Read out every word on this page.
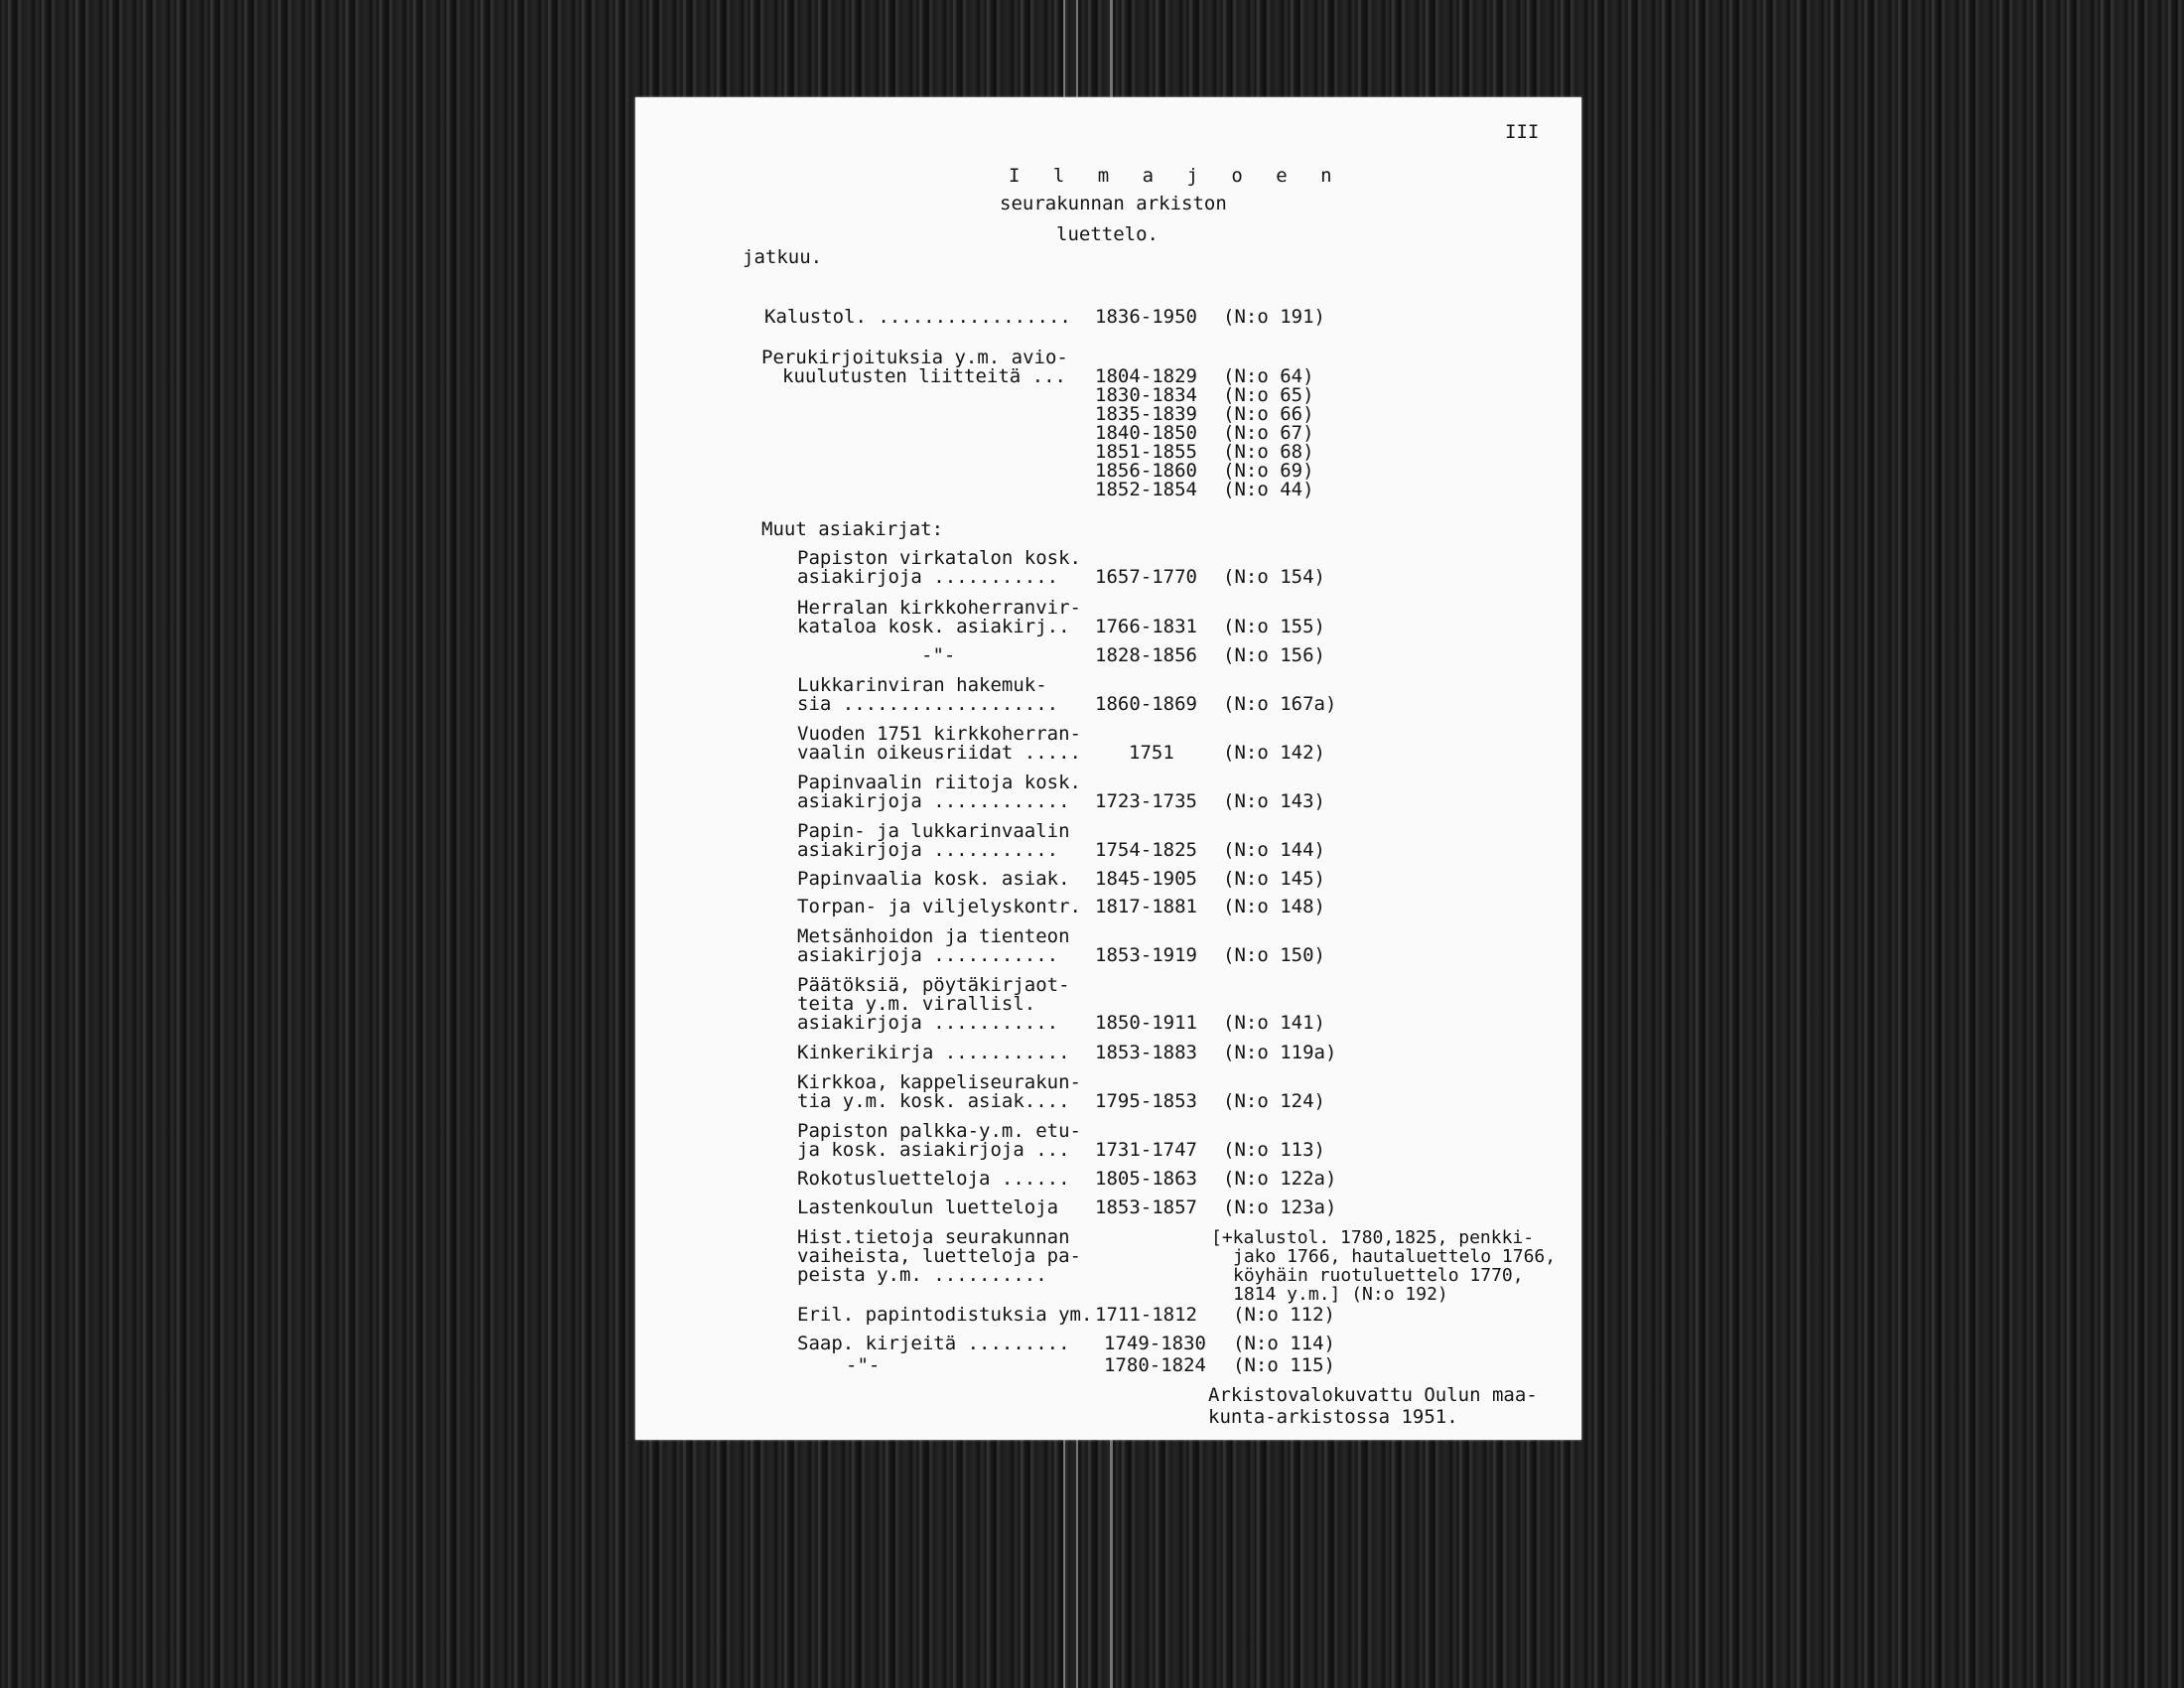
III
I l m a j o e n
seurakunnan arkiston
luettelo.
jatkuu.
Kalustol. ................. 1836-1950 (N:o 191)
Perukirjoituksia y.m. avio-
kuulutusten liitteitä ... 1804-1829 (N:o 64)
1830-1834 (N:o 65)
1835-1839 (N:o 66)
1840-1850 (N:o 67)
1851-1855 (N:o 68)
1856-1860 (N:o 69)
1852-1854 (N:o 44)
Muut asiakirjat:
Papiston virkatalon kosk.
asiakirjoja ........... 1657-1770 (N:o 154)
Herralan kirkkoherranvir-
kataloa kosk. asiakirj.. 1766-1831 (N:o 155)
-"-	1828-1856 (N:o 156)
Lukkarinviran hakemuk-
sia ................... 1860-1869 (N:o 167a)
Vuoden 1751 kirkkoherran-
vaalin oikeusriidat .....	1751	(N:o 142)
Papinvaalin riitoja kosk.
asiakirjoja ............ 1723-1735 (N:o 143)
Papin- ja lukkarinvaalin
asiakirjoja ........... 1754-1825 (N:o 144)
Papinvaalia kosk. asiak. 1845-1905 (N:o 145)
Torpan- ja viljelyskontr. 1817-1881 (N:o 148)
Metsänhoidon ja tienteon
asiakirjoja ........... 1853-1919 (N:o 150)
Päätöksiä, pöytäkirjaot-
teita y.m. virallisl.
asiakirjoja ........... 1850-1911 (N:o 141)
Kinkerikirja ........... 1853-1883 (N:o 119a)
Kirkkoa, kappeliseurakun-
tia y.m. kosk. asiak.... 1795-1853 (N:o 124)
Papiston palkka-y.m. etu-
ja kosk. asiakirjoja ... 1731-1747 (N:o 113)
Rokotusluetteloja ...... 1805-1863 (N:o 122a)
Lastenkoulun luetteloja 1853-1857 (N:o 123a)
Hist.tietoja seurakunnan
vaiheista, luetteloja pa-
peista y.m. ..........
[+kalustol. 1780,1825, penkki-
jako 1766, hautaluettelo 1766,
köyhäin ruotuluettelo 1770,
1814 y.m.] (N:o 192)
Eril. papintodistuksia ym. 1711-1812 (N:o 112)
Saap. kirjeitä ......... 1749-1830 (N:o 114)
-"-	1780-1824 (N:o 115)
Arkistovalokuvattu Oulun maa-
kunta-arkistossa 1951.
